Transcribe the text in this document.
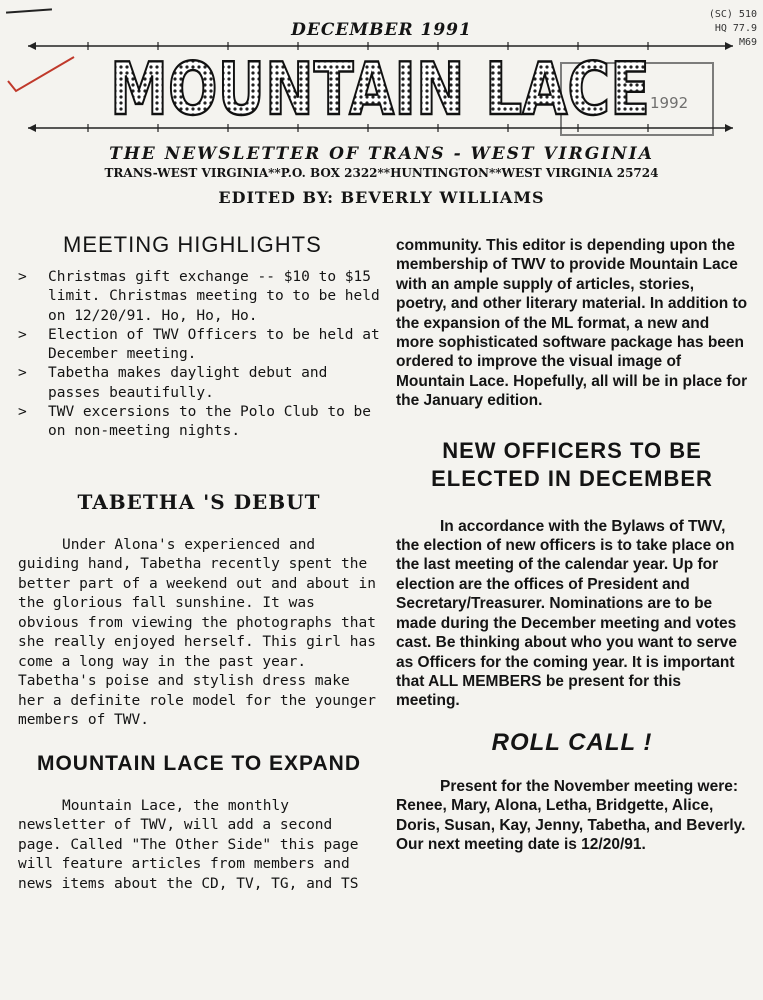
(SC) 510
HQ 77.9
M69
1992
DECEMBER 1991
MOUNTAIN LACE
THE NEWSLETTER OF TRANS - WEST VIRGINIA
TRANS-WEST VIRGINIA**P.O. BOX 2322**HUNTINGTON**WEST VIRGINIA 25724
EDITED BY: BEVERLY WILLIAMS
MEETING HIGHLIGHTS
>	Christmas gift exchange -- $10 to $15 limit. Christmas meeting to to be held on 12/20/91. Ho, Ho, Ho.
>	Election of TWV Officers to be held at December meeting.
>	Tabetha makes daylight debut and passes beautifully.
>	TWV excersions to the Polo Club to be on non-meeting nights.
TABETHA 'S DEBUT

Under Alona's experienced and guiding hand, Tabetha recently spent the better part of a weekend out and about in the glorious fall sunshine. It was obvious from viewing the photographs that she really enjoyed herself. This girl has come a long way in the past year. Tabetha's poise and stylish dress make her a definite role model for the younger members of TWV.

MOUNTAIN LACE TO EXPAND

Mountain Lace, the monthly newsletter of TWV, will add a second page. Called "The Other Side" this page will feature articles from members and news items about the CD, TV, TG, and TS

community. This editor is depending upon the membership of TWV to provide Mountain Lace with an ample supply of articles, stories, poetry, and other literary material. In addition to the expansion of the ML format, a new and more sophisticated software package has been ordered to improve the visual image of Mountain Lace. Hopefully, all will be in place for the January edition.

NEW OFFICERS TO BE ELECTED IN DECEMBER

In accordance with the Bylaws of TWV, the election of new officers is to take place on the last meeting of the calendar year. Up for election are the offices of President and Secretary/Treasurer. Nominations are to be made during the December meeting and votes cast. Be thinking about who you want to serve as Officers for the coming year. It is important that ALL MEMBERS be present for this meeting.

ROLL CALL !

Present for the November meeting were: Renee, Mary, Alona, Letha, Bridgette, Alice, Doris, Susan, Kay, Jenny, Tabetha, and Beverly. Our next meeting date is 12/20/91.
